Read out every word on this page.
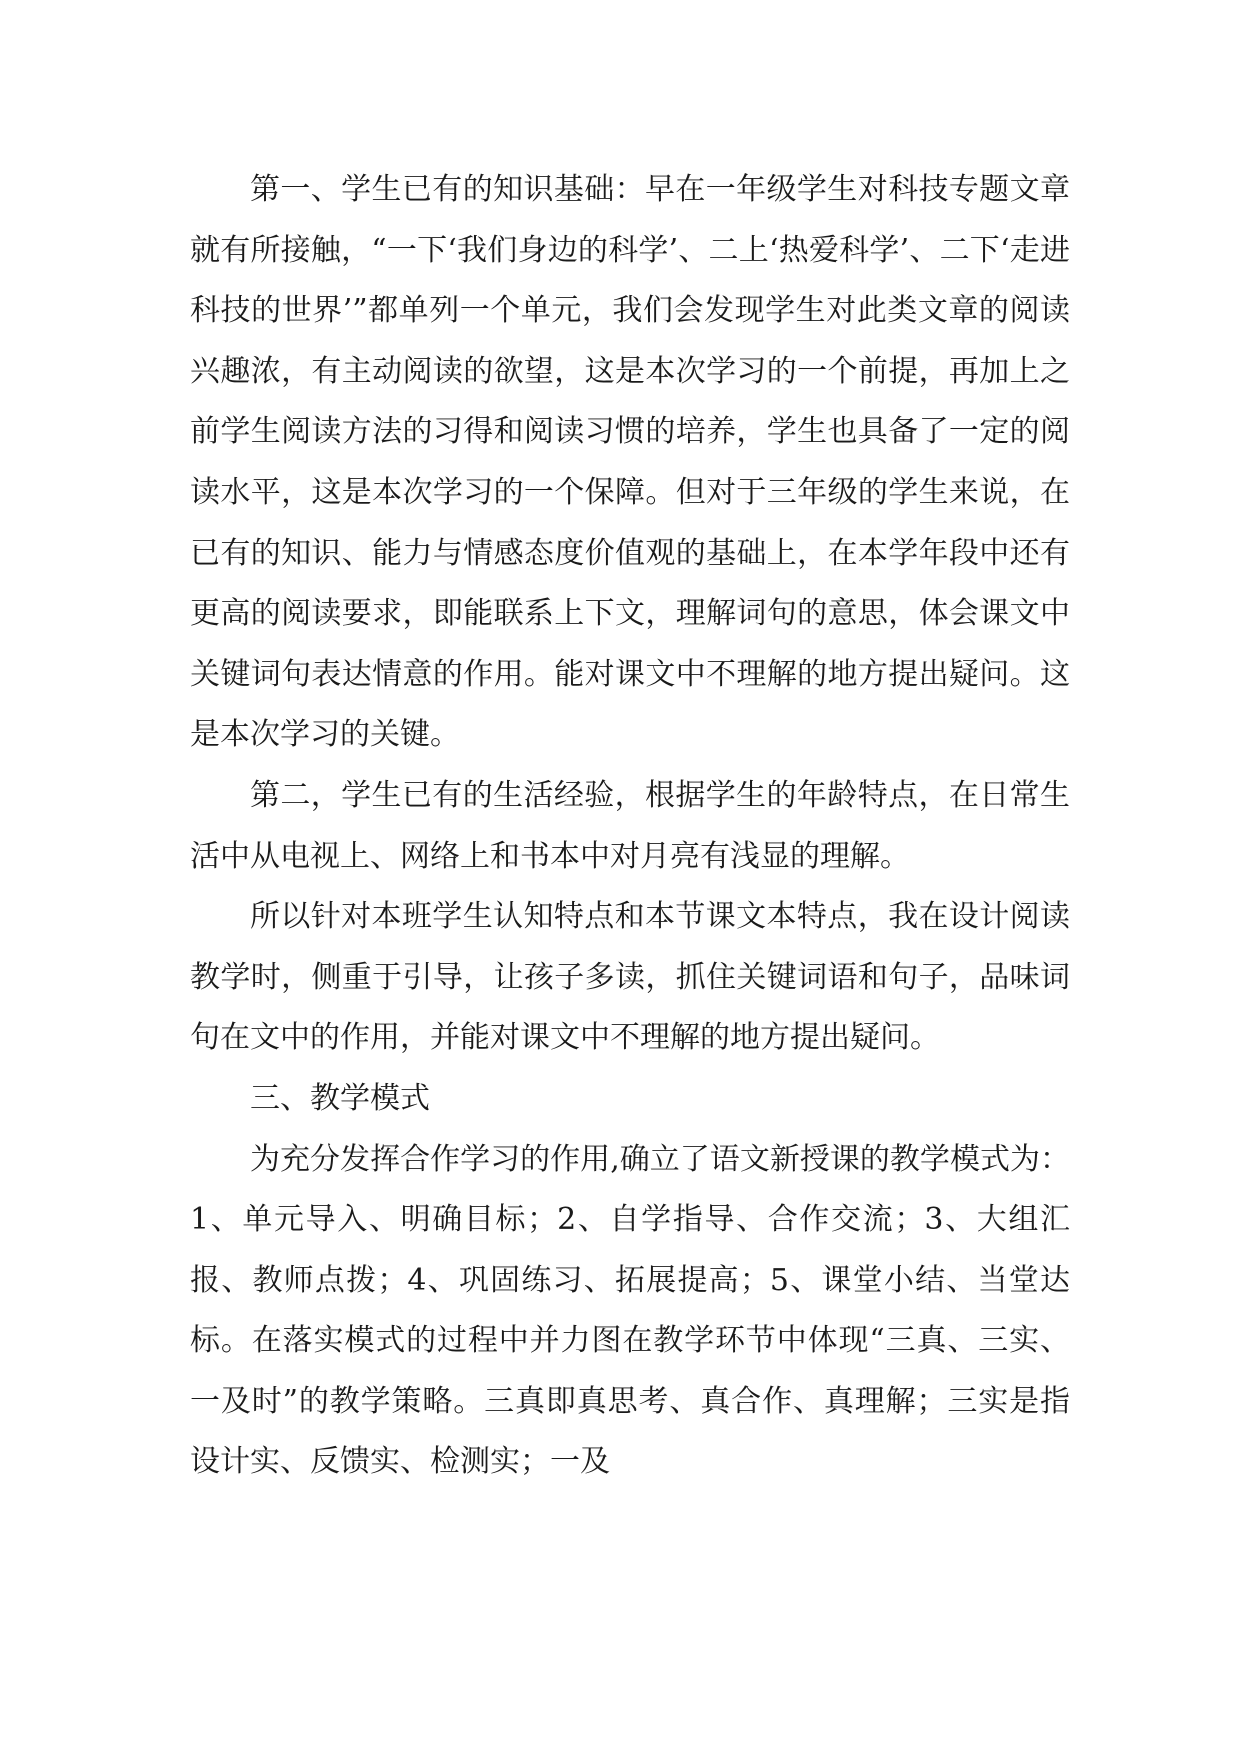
第一、学生已有的知识基础：早在一年级学生对科技专题文章就有所接触，“一下‘我们身边的科学’、二上‘热爱科学’、二下‘走进科技的世界’”都单列一个单元，我们会发现学生对此类文章的阅读兴趣浓，有主动阅读的欲望，这是本次学习的一个前提，再加上之前学生阅读方法的习得和阅读习惯的培养，学生也具备了一定的阅读水平，这是本次学习的一个保障。但对于三年级的学生来说，在已有的知识、能力与情感态度价值观的基础上，在本学年段中还有更高的阅读要求，即能联系上下文，理解词句的意思，体会课文中关键词句表达情意的作用。能对课文中不理解的地方提出疑问。这是本次学习的关键。

第二，学生已有的生活经验，根据学生的年龄特点，在日常生活中从电视上、网络上和书本中对月亮有浅显的理解。

所以针对本班学生认知特点和本节课文本特点，我在设计阅读教学时，侧重于引导，让孩子多读，抓住关键词语和句子，品味词句在文中的作用，并能对课文中不理解的地方提出疑问。

三、教学模式

为充分发挥合作学习的作用,确立了语文新授课的教学模式为：1、单元导入、明确目标；2、自学指导、合作交流；3、大组汇报、教师点拨；4、巩固练习、拓展提高；5、课堂小结、当堂达标。在落实模式的过程中并力图在教学环节中体现“三真、三实、一及时”的教学策略。三真即真思考、真合作、真理解；三实是指设计实、反馈实、检测实；一及
